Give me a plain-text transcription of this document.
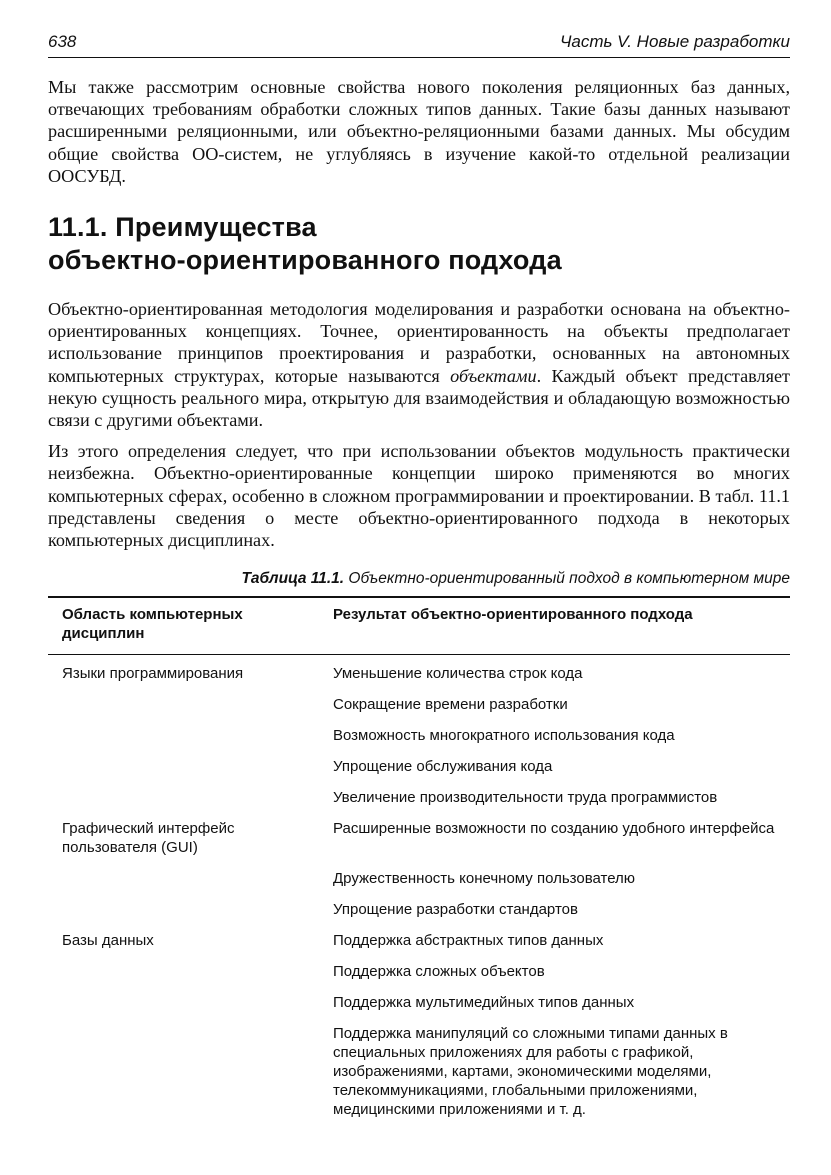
638	Часть V. Новые разработки

Мы также рассмотрим основные свойства нового поколения реляционных баз данных, отвечающих требованиям обработки сложных типов данных. Такие базы данных называют расширенными реляционными, или объектно-реляционными базами данных. Мы обсудим общие свойства ОО-систем, не углубляясь в изучение какой-то отдельной реализации ООСУБД.

11.1. Преимущества
объектно-ориентированного подхода

Объектно-ориентированная методология моделирования и разработки основана на объектно-ориентированных концепциях. Точнее, ориентированность на объекты предполагает использование принципов проектирования и разработки, основанных на автономных компьютерных структурах, которые называются объектами. Каждый объект представляет некую сущность реального мира, открытую для взаимодействия и обладающую возможностью связи с другими объектами.

Из этого определения следует, что при использовании объектов модульность практически неизбежна. Объектно-ориентированные концепции широко применяются во многих компьютерных сферах, особенно в сложном программировании и проектировании. В табл. 11.1 представлены сведения о месте объектно-ориентированного подхода в некоторых компьютерных дисциплинах.

Таблица 11.1. Объектно-ориентированный подход в компьютерном мире
Область компьютерных дисциплин	Результат объектно-ориентированного подхода
Языки программирования	Уменьшение количества строк кода
	Сокращение времени разработки
	Возможность многократного использования кода
	Упрощение обслуживания кода
	Увеличение производительности труда программистов
Графический интерфейс пользователя (GUI)	Расширенные возможности по созданию удобного интерфейса
	Дружественность конечному пользователю
	Упрощение разработки стандартов
Базы данных	Поддержка абстрактных типов данных
	Поддержка сложных объектов
	Поддержка мультимедийных типов данных
	Поддержка манипуляций со сложными типами данных в специальных приложениях для работы с графикой, изображениями, картами, экономическими моделями, телекоммуникациями, глобальными приложениями, медицинскими приложениями и т. д.
